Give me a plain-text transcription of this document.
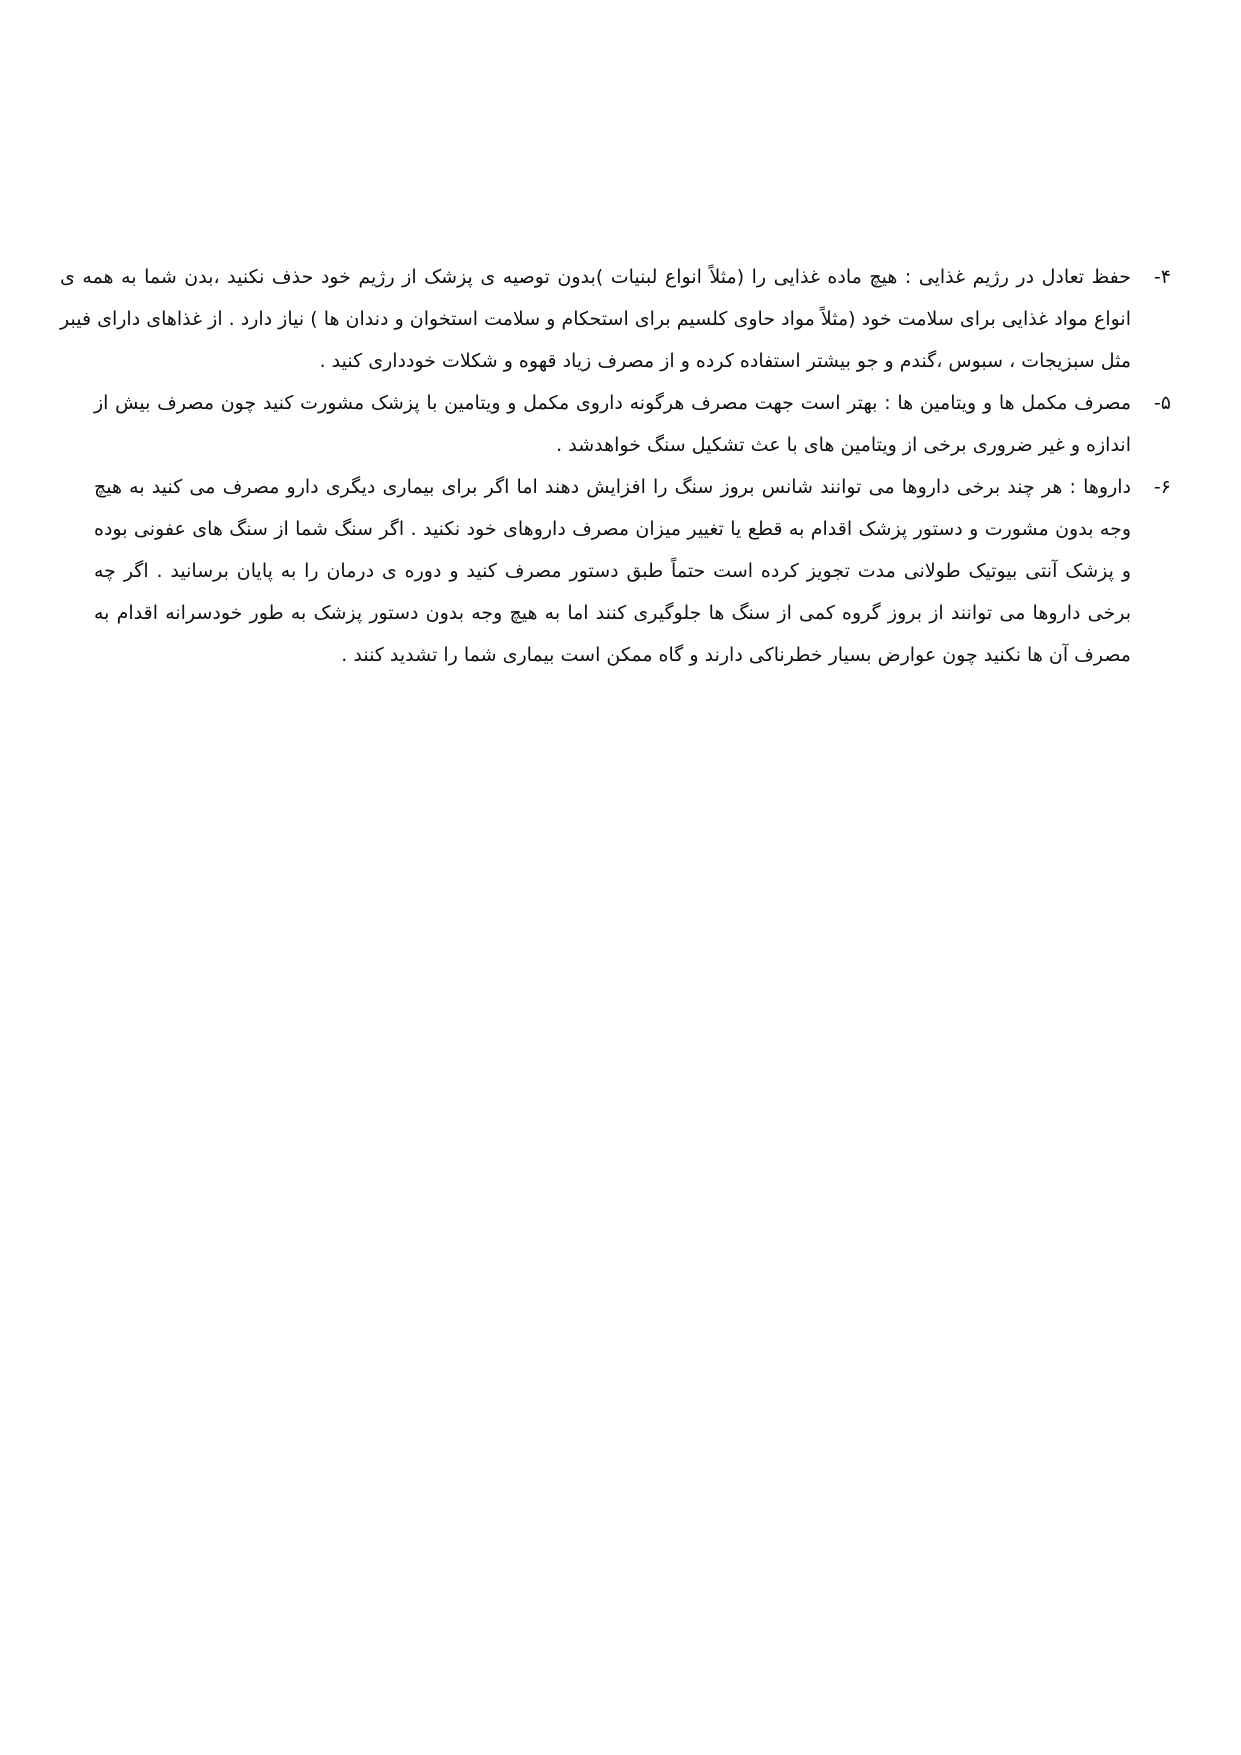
۴-
حفظ تعادل در رژیم غذایی : هیچ ماده غذایی را (مثلاً انواع لبنیات )بدون توصیه ی پزشک از رژیم خود حذف نکنید ،بدن شما به همه ی انواع مواد غذایی برای سلامت خود (مثلاً مواد حاوی کلسیم برای استحکام و سلامت استخوان و دندان ها ) نیاز دارد . از غذاهای دارای فیبر مثل سبزیجات ، سبوس ،گندم و جو بیشتر استفاده کرده و از مصرف زیاد قهوه و شکلات خودداری کنید .
۵-
مصرف مکمل ها و ویتامین ها : بهتر است جهت مصرف هرگونه داروی مکمل و ویتامین با پزشک مشورت کنید چون مصرف بیش از اندازه و غیر ضروری برخی از ویتامین های با عث تشکیل سنگ خواهدشد .
۶-
داروها : هر چند برخی داروها می توانند شانس بروز سنگ را افزایش دهند اما اگر برای بیماری دیگری دارو مصرف می کنید به هیچ وجه بدون مشورت و دستور پزشک اقدام به قطع یا تغییر میزان مصرف داروهای خود نکنید . اگر سنگ شما از سنگ های عفونی بوده و پزشک آنتی بیوتیک طولانی مدت تجویز کرده است حتماً طبق دستور مصرف کنید و دوره ی درمان را به پایان برسانید . اگر چه برخی داروها می توانند از بروز گروه کمی از سنگ ها جلوگیری کنند اما به هیچ وجه بدون دستور پزشک به طور خودسرانه اقدام به مصرف آن ها نکنید چون عوارض بسیار خطرناکی دارند و گاه ممکن است بیماری شما را تشدید کنند .
